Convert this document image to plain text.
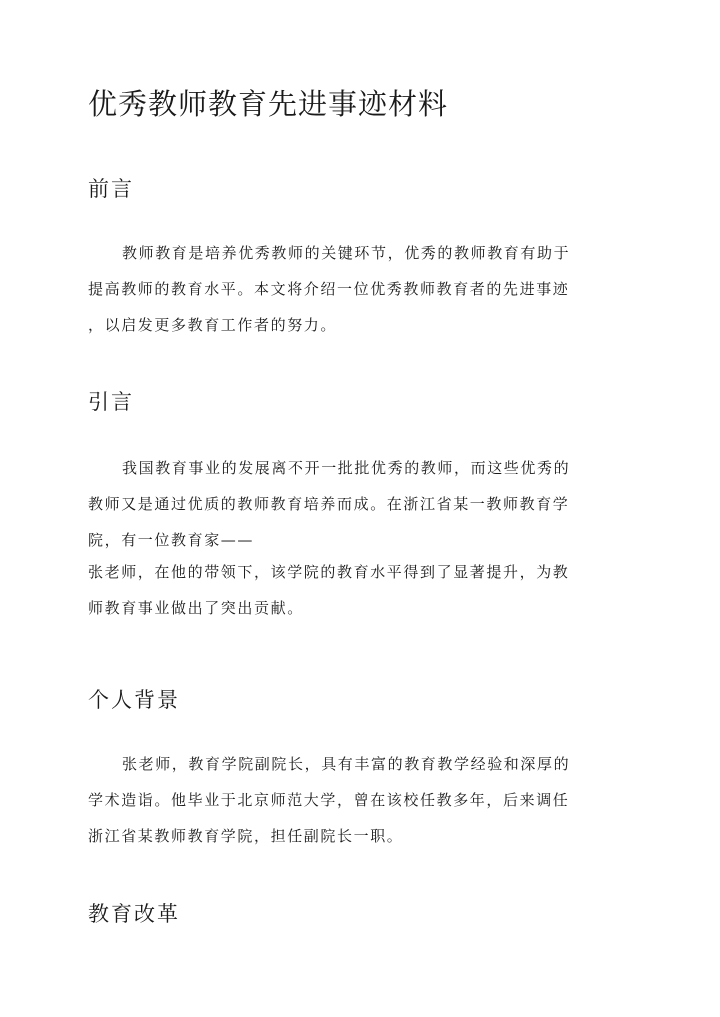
优秀教师教育先进事迹材料
前言
教师教育是培养优秀教师的关键环节，优秀的教师教育有助于
提高教师的教育水平。本文将介绍一位优秀教师教育者的先进事迹
，以启发更多教育工作者的努力。
引言
我国教育事业的发展离不开一批批优秀的教师，而这些优秀的
教师又是通过优质的教师教育培养而成。在浙江省某一教师教育学
院，有一位教育家——
张老师，在他的带领下，该学院的教育水平得到了显著提升，为教
师教育事业做出了突出贡献。
个人背景
张老师，教育学院副院长，具有丰富的教育教学经验和深厚的
学术造诣。他毕业于北京师范大学，曾在该校任教多年，后来调任
浙江省某教师教育学院，担任副院长一职。
教育改革
